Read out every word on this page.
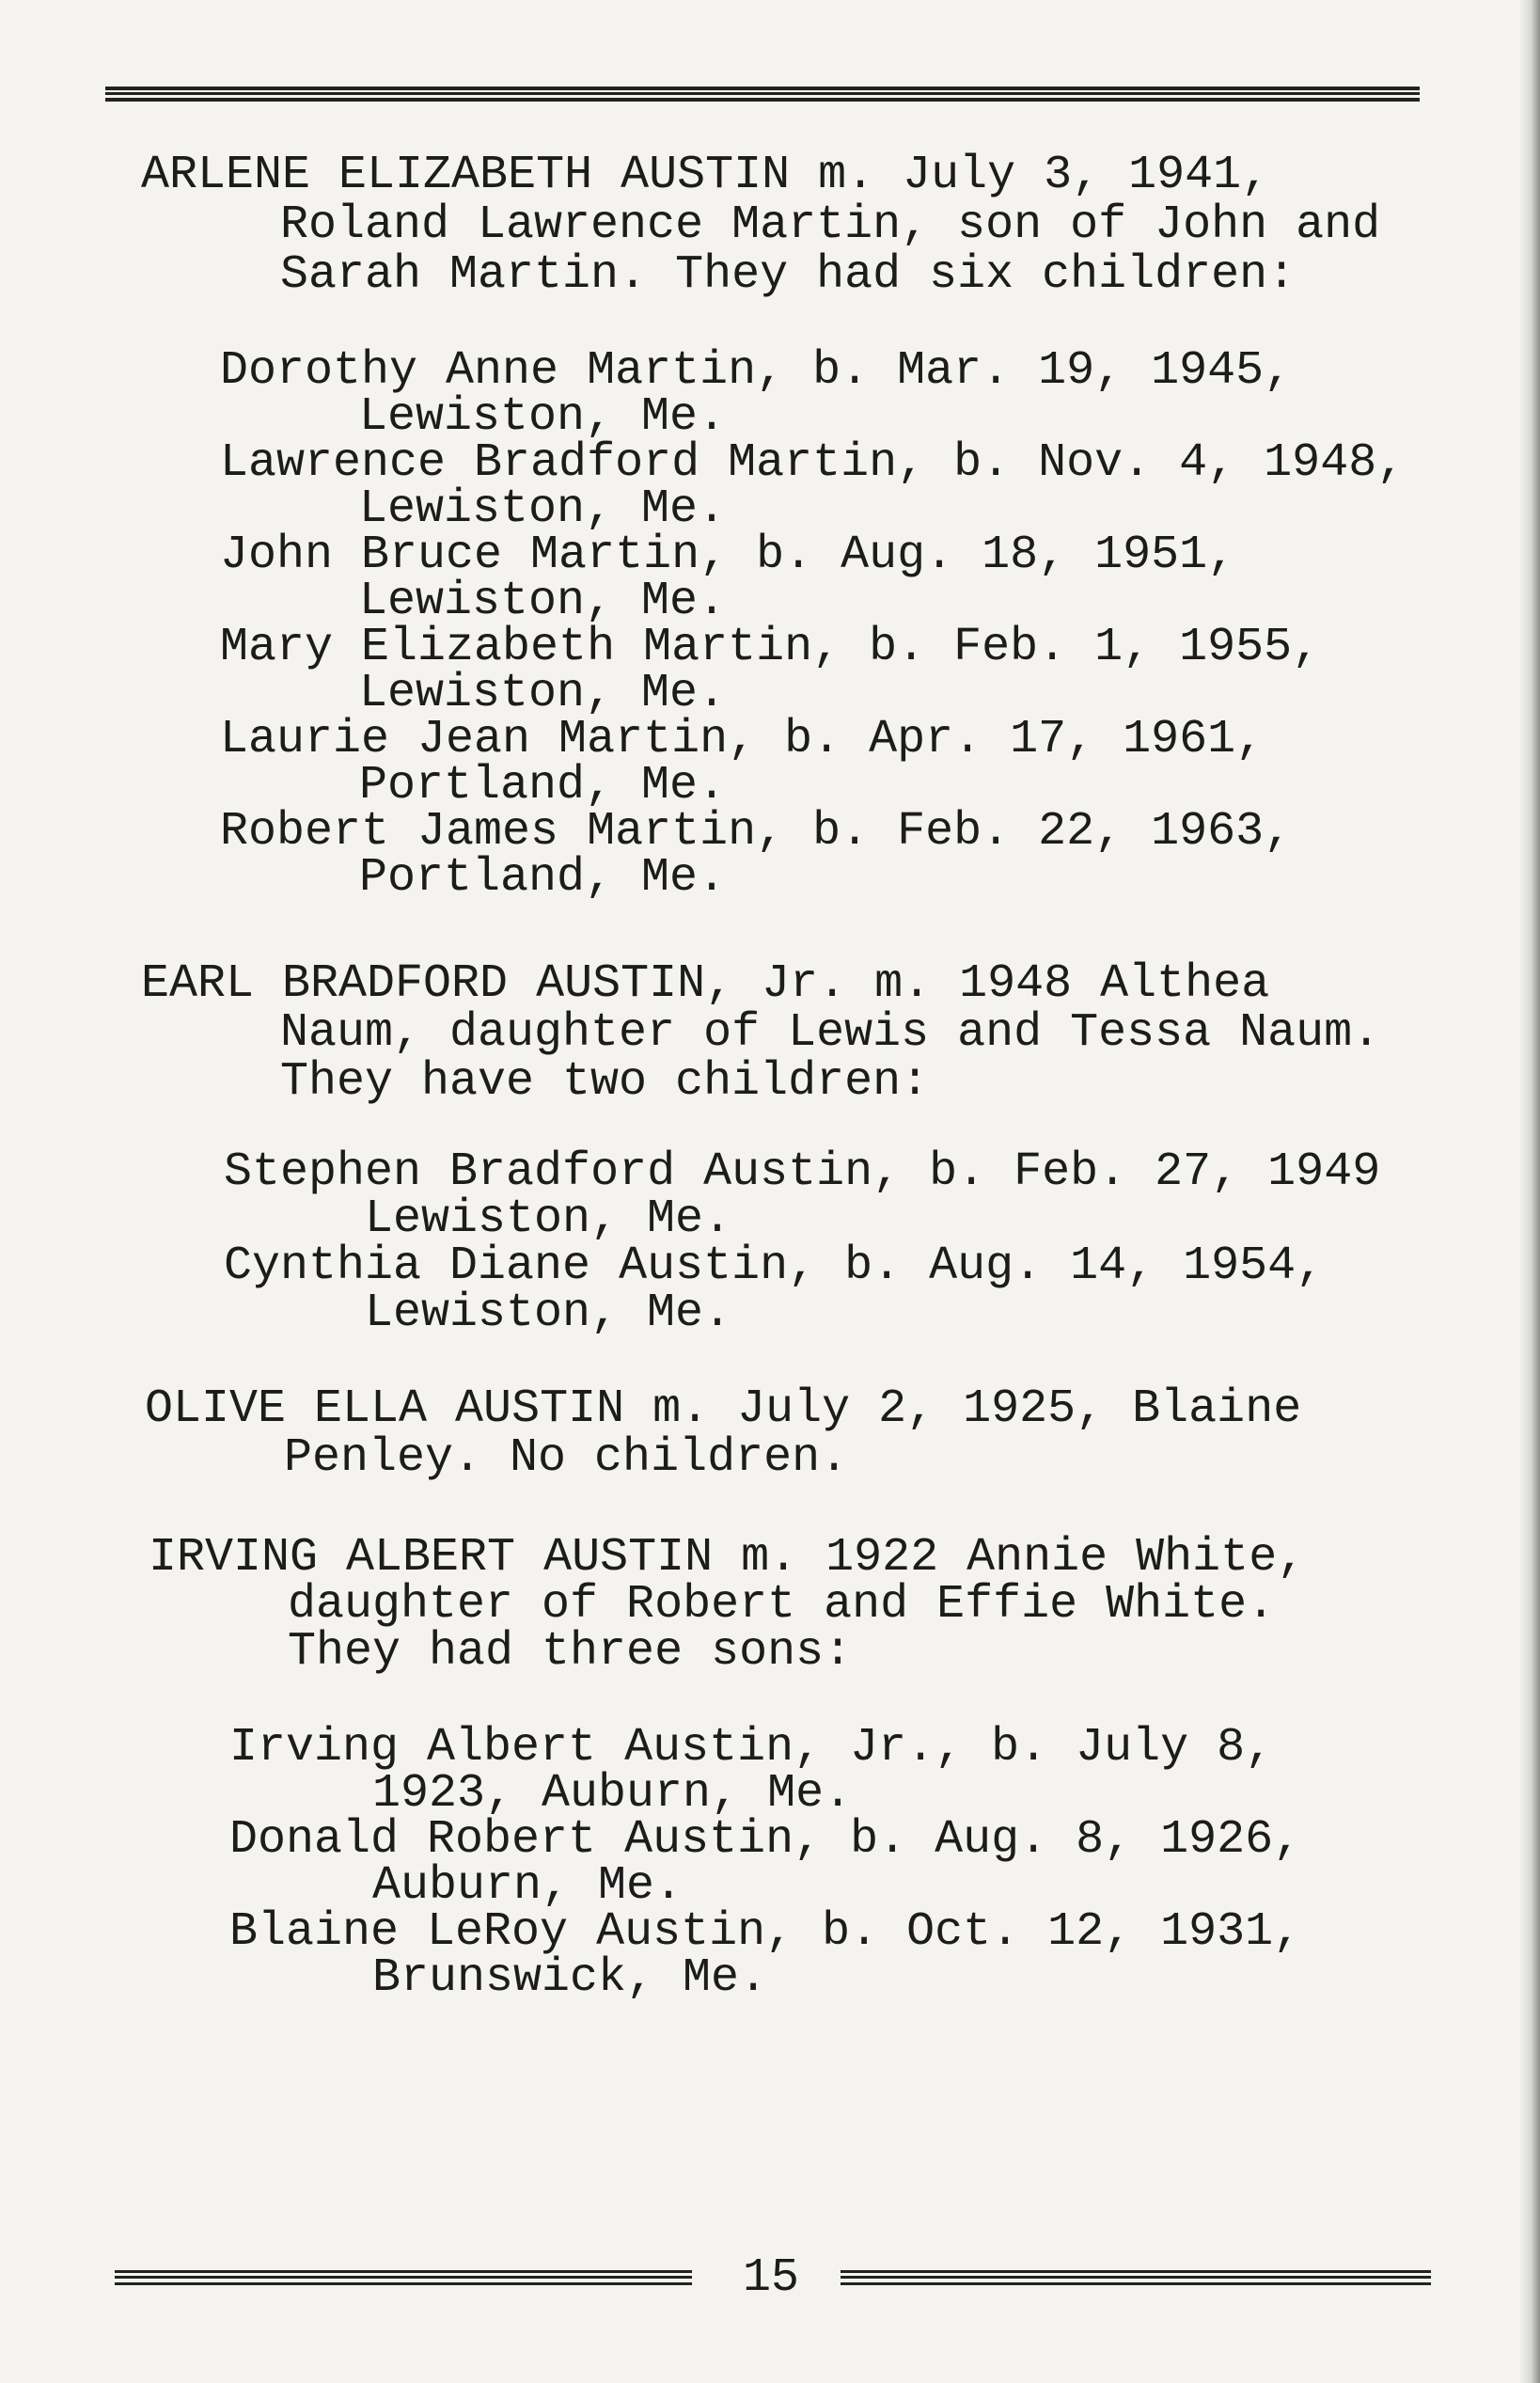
ARLENE ELIZABETH AUSTIN m. July 3, 1941,

Roland Lawrence Martin, son of John and

Sarah Martin. They had six children:

Dorothy Anne Martin, b. Mar. 19, 1945,

Lewiston, Me.

Lawrence Bradford Martin, b. Nov. 4, 1948,

Lewiston, Me.

John Bruce Martin, b. Aug. 18, 1951,

Lewiston, Me.

Mary Elizabeth Martin, b. Feb. 1, 1955,

Lewiston, Me.

Laurie Jean Martin, b. Apr. 17, 1961,

Portland, Me.

Robert James Martin, b. Feb. 22, 1963,

Portland, Me.

EARL BRADFORD AUSTIN, Jr. m. 1948 Althea

Naum, daughter of Lewis and Tessa Naum.

They have two children:

Stephen Bradford Austin, b. Feb. 27, 1949

Lewiston, Me.

Cynthia Diane Austin, b. Aug. 14, 1954,

Lewiston, Me.

OLIVE ELLA AUSTIN m. July 2, 1925, Blaine

Penley. No children.

IRVING ALBERT AUSTIN m. 1922 Annie White,

daughter of Robert and Effie White.

They had three sons:

Irving Albert Austin, Jr., b. July 8,

1923, Auburn, Me.

Donald Robert Austin, b. Aug. 8, 1926,

Auburn, Me.

Blaine LeRoy Austin, b. Oct. 12, 1931,

Brunswick, Me.

15
